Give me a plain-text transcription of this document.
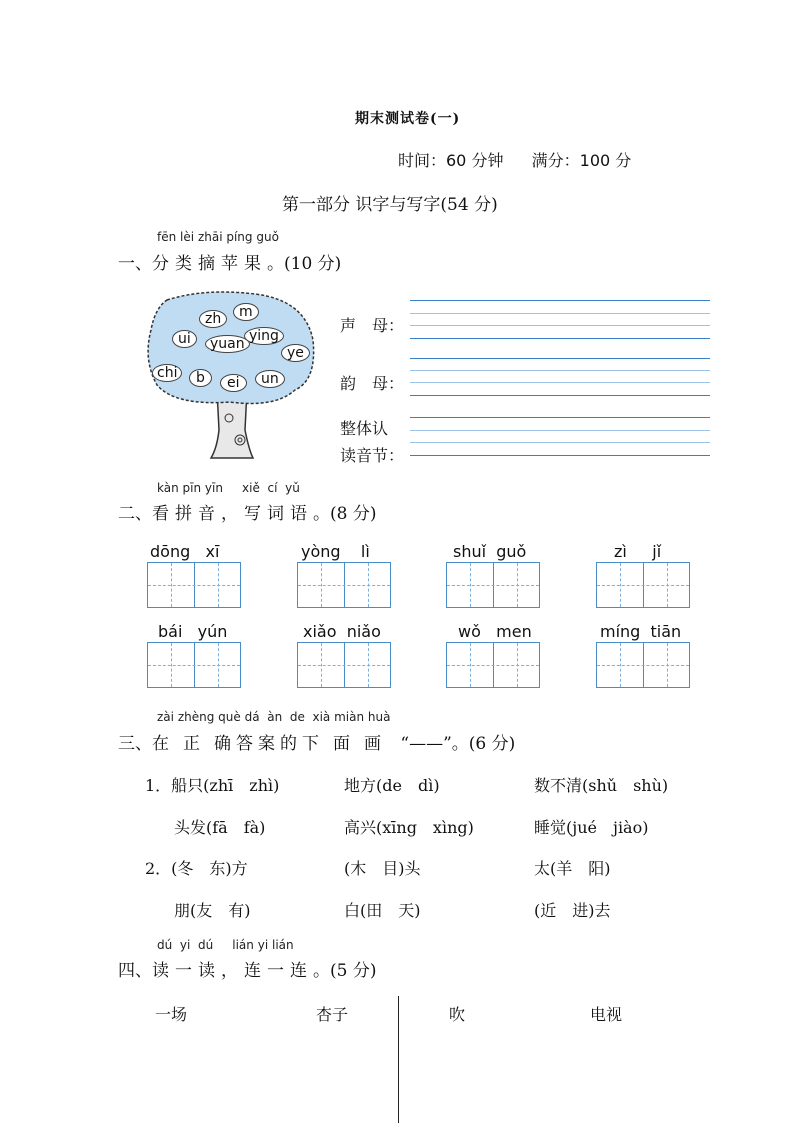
期末测试卷(一)
时间：60 分钟 满分：100 分
第一部分 识字与写字(54 分)
fēn lèi zhāi píng guǒ
一、分类摘苹果。(10 分)
zh	m
ui	yuan ying
ye
chi	b	ei	un
声　母：
韵　母：
整体认
读音节：
kàn pīn yīn xiě cí yǔ
二、看拼音，写词语。(8 分)
dōng xī	yòng lì	shuǐ guǒ	zì jǐ
bái yún	xiǎo niǎo	wǒ men	míng tiān
zài zhèng què dá àn de xià miàn huà
三、在正确答案的下面画 “——”。(6 分)
1．船只(zhī　zhì)	地方(de　dì)	数不清(shǔ　shù)
头发(fā　fà)	高兴(xīng　xìng)	睡觉(jué　jiào)
2．(冬　东)方	(木　目)头	太(羊　阳)
朋(友　有)	白(田　天)	(近　进)去
dú yi dú lián yi lián
四、读一读，连一连。(5 分)
一场	杏子	吹	电视
